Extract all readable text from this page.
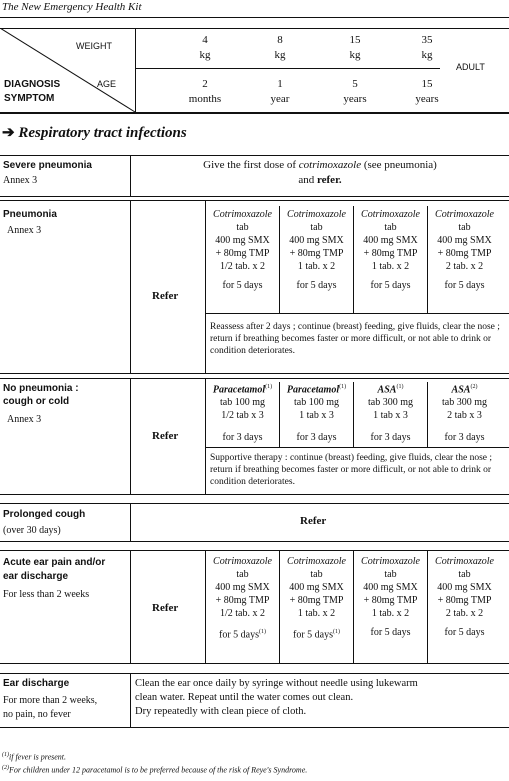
The New Emergency Health Kit
WEIGHT
AGE
DIAGNOSIS
SYMPTOM
ADULT
4
kg
8
kg
15
kg
35
kg
2
months
1
year
5
years
15
years
➔ Respiratory tract infections
Severe pneumonia
Annex 3
Give the first dose of cotrimoxazole (see pneumonia)
and refer.
Pneumonia
Annex 3
Refer
Cotrimoxazole
tab
400 mg SMX
+ 80mg TMP
1/2 tab. x 2
for 5 days
Cotrimoxazole
tab
400 mg SMX
+ 80mg TMP
1 tab. x 2
for 5 days
Cotrimoxazole
tab
400 mg SMX
+ 80mg TMP
1 tab. x 2
for 5 days
Cotrimoxazole
tab
400 mg SMX
+ 80mg TMP
2 tab. x 2
for 5 days
Reassess after 2 days ; continue (breast) feeding, give fluids, clear the nose ; return if breathing becomes faster or more difficult, or not able to drink or condition deteriorates.
No pneumonia :
cough or cold
Annex 3
Refer
Paracetamol$^{(1)}$
tab 100 mg
1/2 tab x 3
for 3 days
Paracetamol$^{(1)}$
tab 100 mg
1 tab x 3
for 3 days
ASA$^{(1)}$
tab 300 mg
1 tab x 3
for 3 days
ASA$^{(2)}$
tab 300 mg
2 tab x 3
for 3 days
Supportive therapy : continue (breast) feeding, give fluids, clear the nose ; return if breathing becomes faster or more difficult, or not able to drink or condition deteriorates.
Prolonged cough
(over 30 days)
Refer
Acute ear pain and/or
ear discharge
For less than 2 weeks
Refer
Cotrimoxazole
tab
400 mg SMX
+ 80mg TMP
1/2 tab. x 2
for 5 days$^{(1)}$
Cotrimoxazole
tab
400 mg SMX
+ 80mg TMP
1 tab. x 2
for 5 days$^{(1)}$
Cotrimoxazole
tab
400 mg SMX
+ 80mg TMP
1 tab. x 2
for 5 days
Cotrimoxazole
tab
400 mg SMX
+ 80mg TMP
2 tab. x 2
for 5 days
Ear discharge
For more than 2 weeks,
no pain, no fever
Clean the ear once daily by syringe without needle using lukewarm
clean water. Repeat until the water comes out clean.
Dry repeatedly with clean piece of cloth.
$^{(1)}$if fever is present.
$^{(2)}$For children under 12 paracetamol is to be preferred because of the risk of Reye's Syndrome.
